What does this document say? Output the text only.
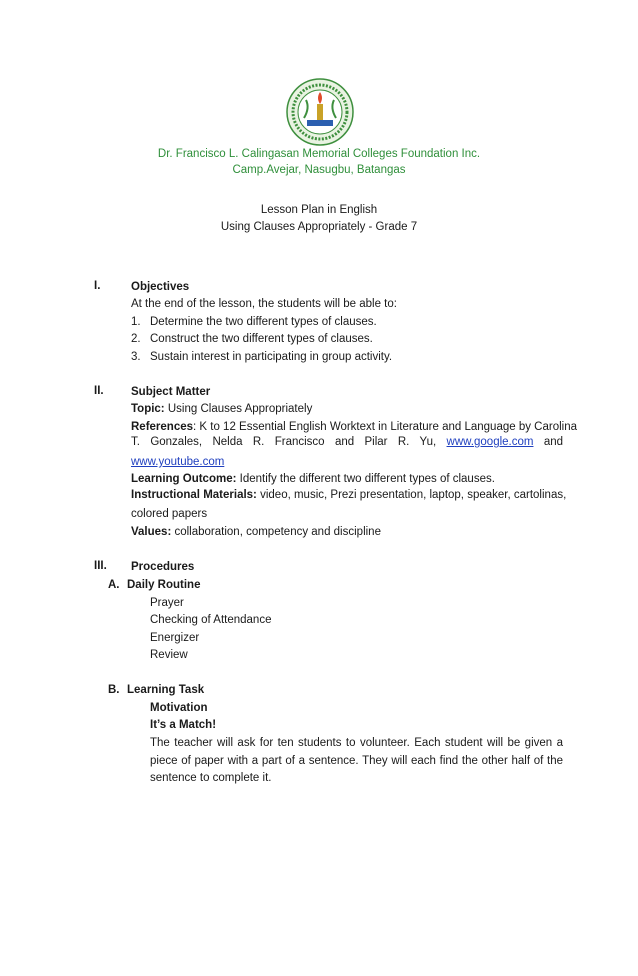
Dr. Francisco L. Calingasan Memorial Colleges Foundation Inc.
Camp.Avejar, Nasugbu, Batangas
Lesson Plan in English
Using Clauses Appropriately - Grade 7
I.	Objectives
At the end of the lesson, the students will be able to:
1. Determine the two different types of clauses.
2. Construct the two different types of clauses.
3. Sustain interest in participating in group activity.
II. Subject Matter
Topic: Using Clauses Appropriately
References: K to 12 Essential English Worktext in Literature and Language by Carolina
T. Gonzales, Nelda R. Francisco and Pilar R. Yu, www.google.com and
www.youtube.com
Learning Outcome: Identify the different two different types of clauses.
Instructional Materials: video, music, Prezi presentation, laptop, speaker, cartolinas,
colored papers
Values: collaboration, competency and discipline
III. Procedures
A. Daily Routine
Prayer
Checking of Attendance
Energizer
Review
B. Learning Task
Motivation
It’s a Match!
The teacher will ask for ten students to volunteer. Each student will be given a piece of paper with a part of a sentence. They will each find the other half of the sentence to complete it.
